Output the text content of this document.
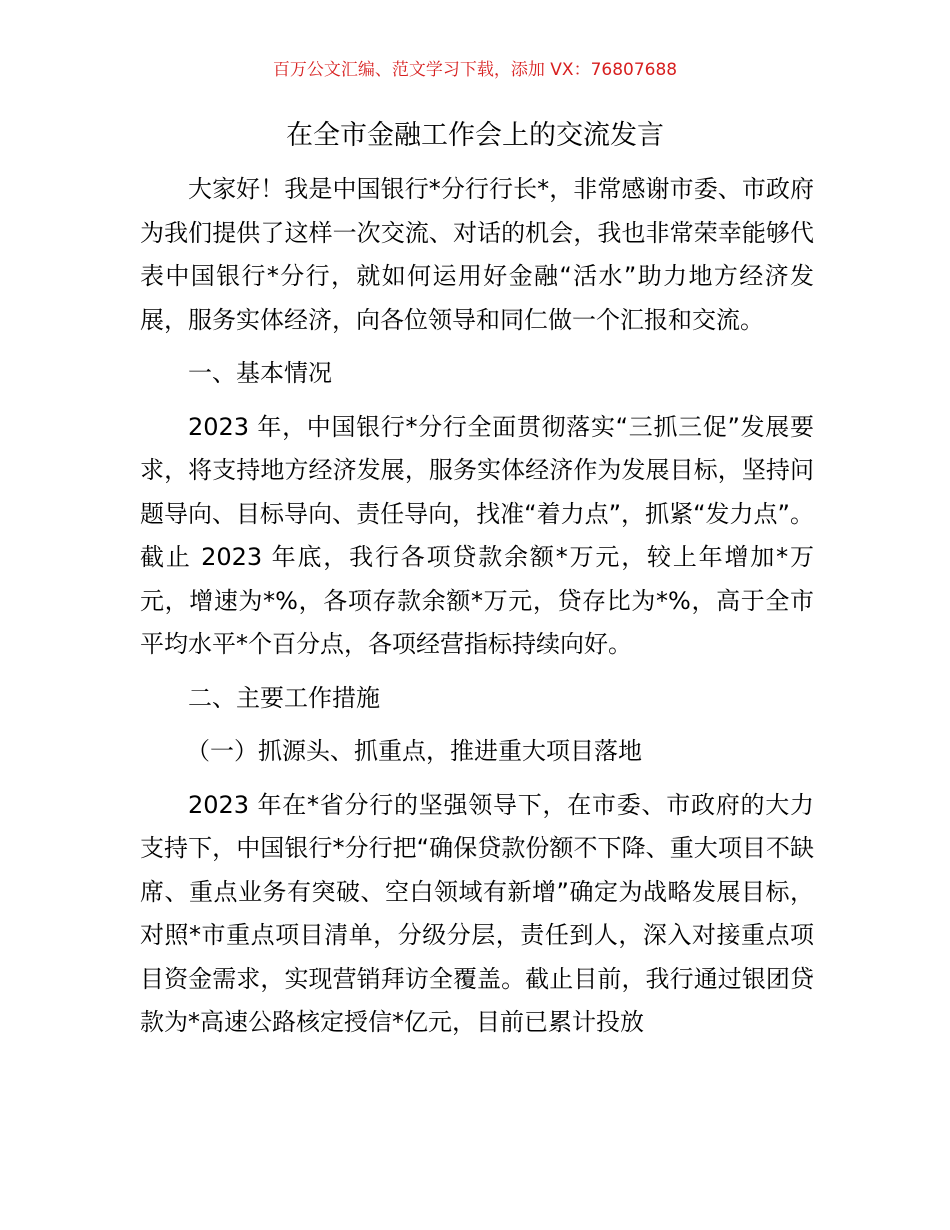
百万公文汇编、范文学习下载，添加 VX：76807688
在全市金融工作会上的交流发言

大家好！我是中国银行*分行行长*，非常感谢市委、市政府为我们提供了这样一次交流、对话的机会，我也非常荣幸能够代表中国银行*分行，就如何运用好金融“活水”助力地方经济发展，服务实体经济，向各位领导和同仁做一个汇报和交流。

一、基本情况

2023 年，中国银行*分行全面贯彻落实“三抓三促”发展要求，将支持地方经济发展，服务实体经济作为发展目标，坚持问题导向、目标导向、责任导向，找准“着力点”，抓紧“发力点”。截止 2023 年底，我行各项贷款余额*万元，较上年增加*万元，增速为*%，各项存款余额*万元，贷存比为*%，高于全市平均水平*个百分点，各项经营指标持续向好。

二、主要工作措施

（一）抓源头、抓重点，推进重大项目落地

2023 年在*省分行的坚强领导下，在市委、市政府的大力支持下，中国银行*分行把“确保贷款份额不下降、重大项目不缺席、重点业务有突破、空白领域有新增”确定为战略发展目标，对照*市重点项目清单，分级分层，责任到人，深入对接重点项目资金需求，实现营销拜访全覆盖。截止目前，我行通过银团贷款为*高速公路核定授信*亿元，目前已累计投放
